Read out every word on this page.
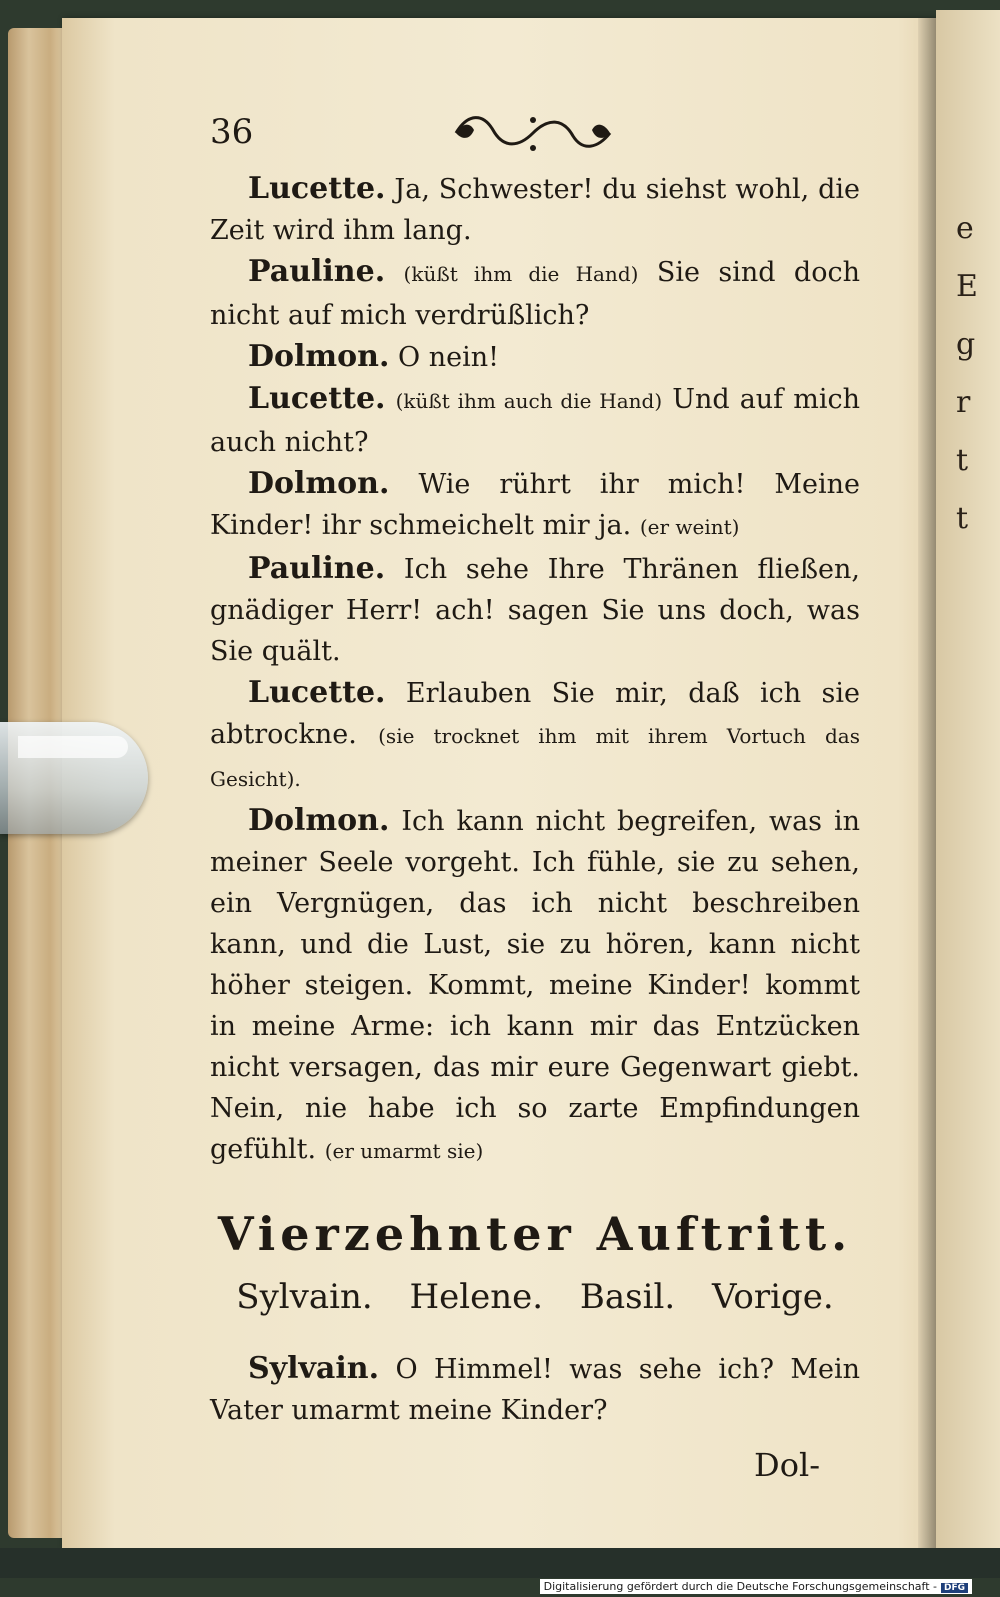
e
E
g
r
t
t
36

Lucette. Ja, Schwester! du siehst wohl, die Zeit wird ihm lang.

Pauline. (küßt ihm die Hand) Sie sind doch nicht auf mich verdrüßlich?

Dolmon. O nein!

Lucette. (küßt ihm auch die Hand) Und auf mich auch nicht?

Dolmon. Wie rührt ihr mich! Meine Kinder! ihr schmeichelt mir ja. (er weint)

Pauline. Ich sehe Ihre Thränen fließen, gnädiger Herr! ach! sagen Sie uns doch, was Sie quält.

Lucette. Erlauben Sie mir, daß ich sie abtrockne. (sie trocknet ihm mit ihrem Vortuch das Gesicht).

Dolmon. Ich kann nicht begreifen, was in meiner Seele vorgeht. Ich fühle, sie zu sehen, ein Vergnügen, das ich nicht beschreiben kann, und die Lust, sie zu hören, kann nicht höher steigen. Kommt, meine Kinder! kommt in meine Arme: ich kann mir das Entzücken nicht versagen, das mir eure Gegenwart giebt. Nein, nie habe ich so zarte Empfindungen gefühlt. (er umarmt sie)

Vierzehnter Auftritt.

Sylvain. Helene. Basil. Vorige.

Sylvain. O Himmel! was sehe ich? Mein Vater umarmt meine Kinder?

Dol-

Digitalisierung gefördert durch die Deutsche Forschungsgemeinschaft - DFG
